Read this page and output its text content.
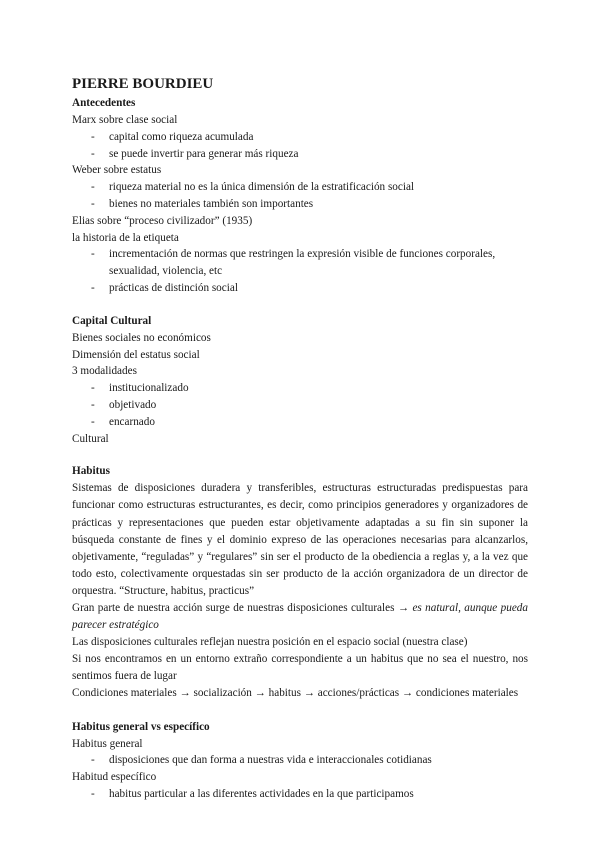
PIERRE BOURDIEU
Antecedentes
Marx sobre clase social
- capital como riqueza acumulada
- se puede invertir para generar más riqueza
Weber sobre estatus
- riqueza material no es la única dimensión de la estratificación social
- bienes no materiales también son importantes
Elias sobre “proceso civilizador” (1935)
la historia de la etiqueta
- incrementación de normas que restringen la expresión visible de funciones corporales, sexualidad, violencia, etc
- prácticas de distinción social
Capital Cultural
Bienes sociales no económicos
Dimensión del estatus social
3 modalidades
- institucionalizado
- objetivado
- encarnado
Cultural
Habitus
Sistemas de disposiciones duradera y transferibles, estructuras estructuradas predispuestas para funcionar como estructuras estructurantes, es decir, como principios generadores y organizadores de prácticas y representaciones que pueden estar objetivamente adaptadas a su fin sin suponer la búsqueda constante de fines y el dominio expreso de las operaciones necesarias para alcanzarlos, objetivamente, “reguladas” y “regulares” sin ser el producto de la obediencia a reglas y, a la vez que todo esto, colectivamente orquestadas sin ser producto de la acción organizadora de un director de orquestra. “Structure, habitus, practicus”
Gran parte de nuestra acción surge de nuestras disposiciones culturales → es natural, aunque pueda parecer estratégico
Las disposiciones culturales reflejan nuestra posición en el espacio social (nuestra clase)
Si nos encontramos en un entorno extraño correspondiente a un habitus que no sea el nuestro, nos sentimos fuera de lugar
Condiciones materiales → socialización → habitus → acciones/prácticas → condiciones materiales
Habitus general vs específico
Habitus general
- disposiciones que dan forma a nuestras vida e interaccionales cotidianas
Habitud específico
- habitus particular a las diferentes actividades en la que participamos
